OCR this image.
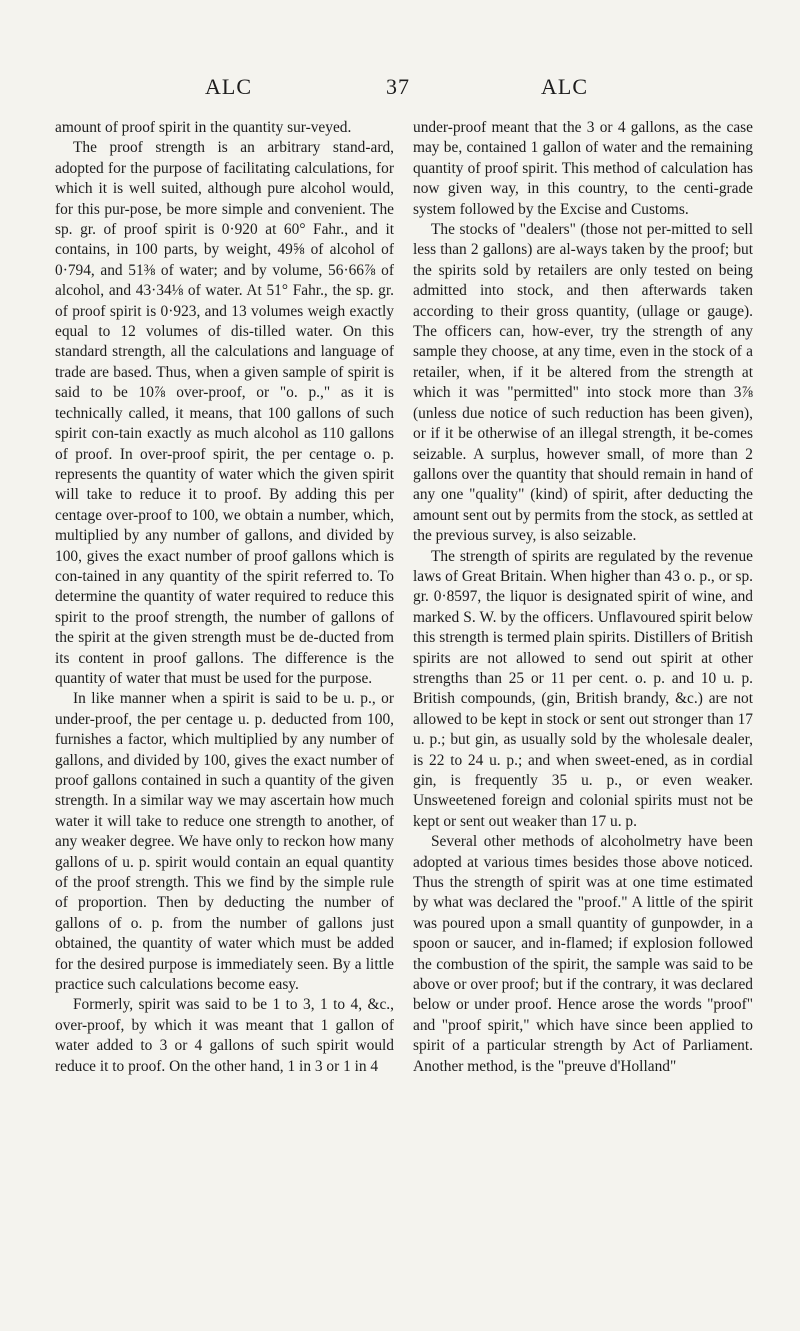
ALC	37	ALC

amount of proof spirit in the quantity sur-veyed.

The proof strength is an arbitrary stand-ard, adopted for the purpose of facilitating calculations, for which it is well suited, although pure alcohol would, for this pur-pose, be more simple and convenient. The sp. gr. of proof spirit is 0·920 at 60° Fahr., and it contains, in 100 parts, by weight, 49⅝ of alcohol of 0·794, and 51⅜ of water; and by volume, 56·66⅞ of alcohol, and 43·34⅛ of water. At 51° Fahr., the sp. gr. of proof spirit is 0·923, and 13 volumes weigh exactly equal to 12 volumes of dis-tilled water. On this standard strength, all the calculations and language of trade are based. Thus, when a given sample of spirit is said to be 10⅞ over-proof, or "o. p.," as it is technically called, it means, that 100 gallons of such spirit con-tain exactly as much alcohol as 110 gallons of proof. In over-proof spirit, the per centage o. p. represents the quantity of water which the given spirit will take to reduce it to proof. By adding this per centage over-proof to 100, we obtain a number, which, multiplied by any number of gallons, and divided by 100, gives the exact number of proof gallons which is con-tained in any quantity of the spirit referred to. To determine the quantity of water required to reduce this spirit to the proof strength, the number of gallons of the spirit at the given strength must be de-ducted from its content in proof gallons. The difference is the quantity of water that must be used for the purpose.

In like manner when a spirit is said to be u. p., or under-proof, the per centage u. p. deducted from 100, furnishes a factor, which multiplied by any number of gallons, and divided by 100, gives the exact number of proof gallons contained in such a quantity of the given strength. In a similar way we may ascertain how much water it will take to reduce one strength to another, of any weaker degree. We have only to reckon how many gallons of u. p. spirit would contain an equal quantity of the proof strength. This we find by the simple rule of proportion. Then by deducting the number of gallons of o. p. from the number of gallons just obtained, the quantity of water which must be added for the desired purpose is immediately seen. By a little practice such calculations become easy.

Formerly, spirit was said to be 1 to 3, 1 to 4, &c., over-proof, by which it was meant that 1 gallon of water added to 3 or 4 gallons of such spirit would reduce it to proof. On the other hand, 1 in 3 or 1 in 4

under-proof meant that the 3 or 4 gallons, as the case may be, contained 1 gallon of water and the remaining quantity of proof spirit. This method of calculation has now given way, in this country, to the centi-grade system followed by the Excise and Customs.

The stocks of "dealers" (those not per-mitted to sell less than 2 gallons) are al-ways taken by the proof; but the spirits sold by retailers are only tested on being admitted into stock, and then afterwards taken according to their gross quantity, (ullage or gauge). The officers can, how-ever, try the strength of any sample they choose, at any time, even in the stock of a retailer, when, if it be altered from the strength at which it was "permitted" into stock more than 3⅞ (unless due notice of such reduction has been given), or if it be otherwise of an illegal strength, it be-comes seizable. A surplus, however small, of more than 2 gallons over the quantity that should remain in hand of any one "quality" (kind) of spirit, after deducting the amount sent out by permits from the stock, as settled at the previous survey, is also seizable.

The strength of spirits are regulated by the revenue laws of Great Britain. When higher than 43 o. p., or sp. gr. 0·8597, the liquor is designated spirit of wine, and marked S. W. by the officers. Unflavoured spirit below this strength is termed plain spirits. Distillers of British spirits are not allowed to send out spirit at other strengths than 25 or 11 per cent. o. p. and 10 u. p. British compounds, (gin, British brandy, &c.) are not allowed to be kept in stock or sent out stronger than 17 u. p.; but gin, as usually sold by the wholesale dealer, is 22 to 24 u. p.; and when sweet-ened, as in cordial gin, is frequently 35 u. p., or even weaker. Unsweetened foreign and colonial spirits must not be kept or sent out weaker than 17 u. p.

Several other methods of alcoholmetry have been adopted at various times besides those above noticed. Thus the strength of spirit was at one time estimated by what was declared the "proof." A little of the spirit was poured upon a small quantity of gunpowder, in a spoon or saucer, and in-flamed; if explosion followed the combustion of the spirit, the sample was said to be above or over proof; but if the contrary, it was declared below or under proof. Hence arose the words "proof" and "proof spirit," which have since been applied to spirit of a particular strength by Act of Parliament. Another method, is the "preuve d'Holland"
